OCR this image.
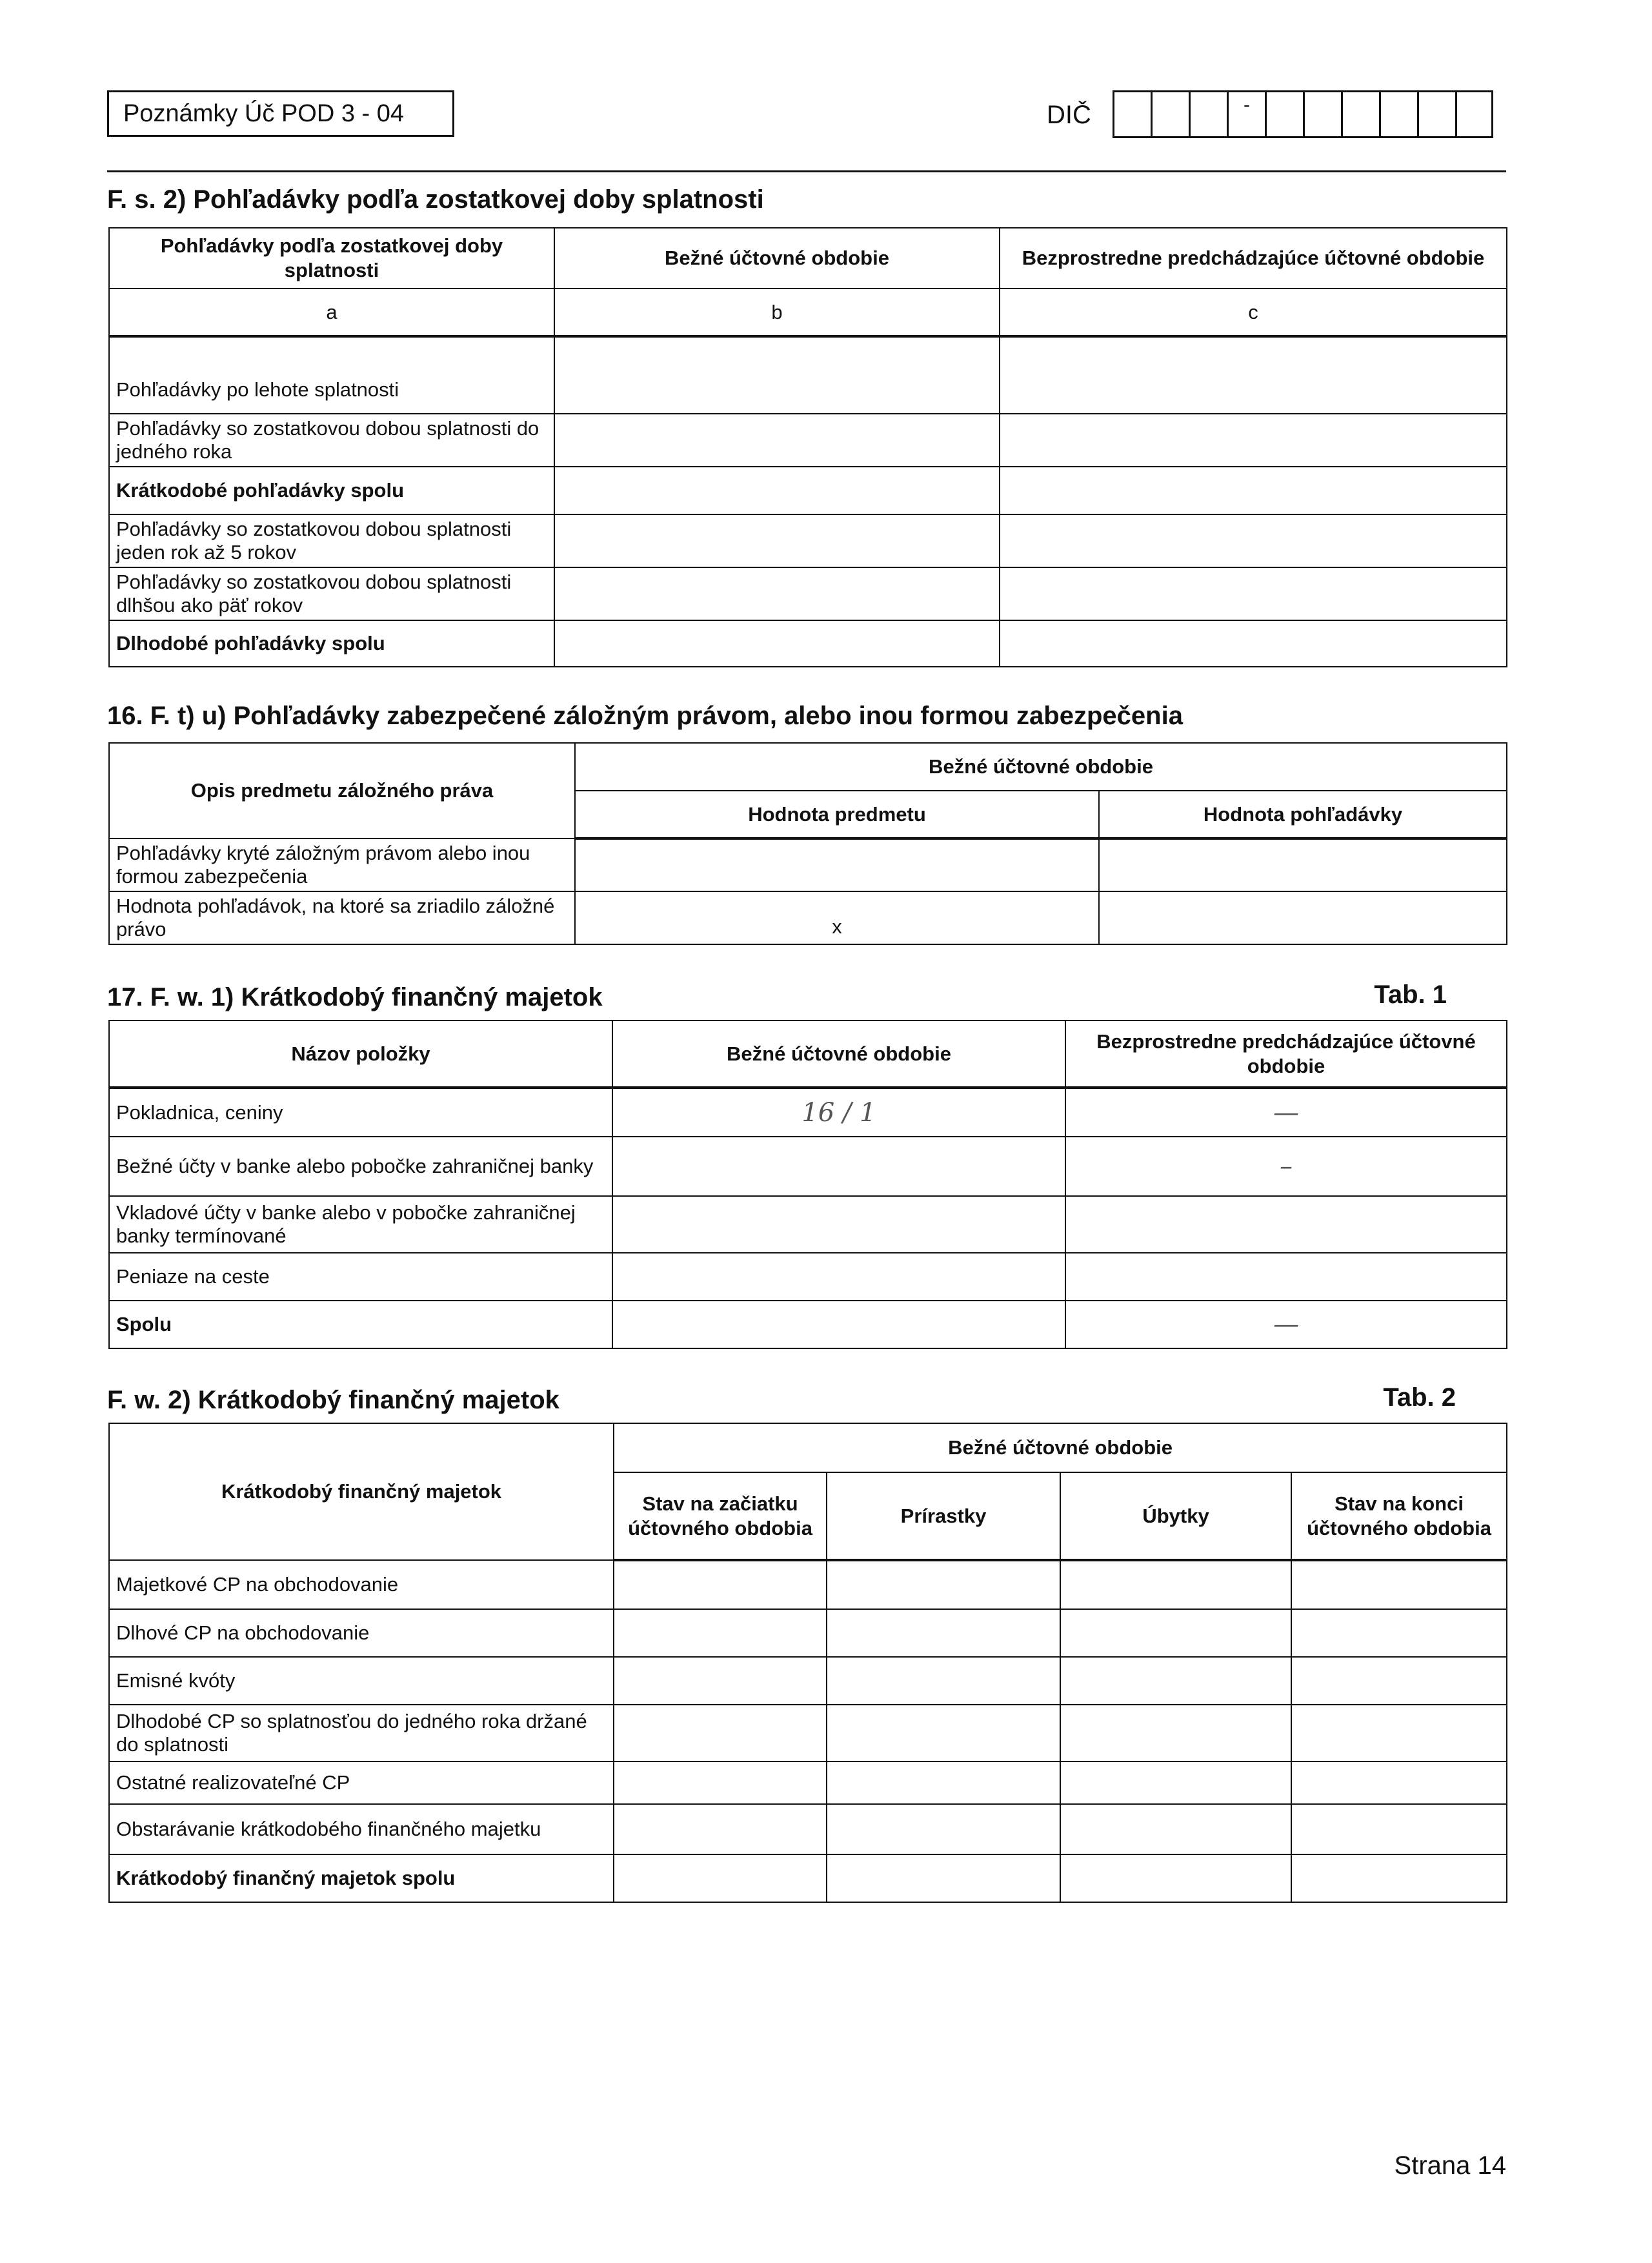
Poznámky Úč POD 3 - 04	DIČ	-
F. s. 2) Pohľadávky podľa zostatkovej doby splatnosti
Pohľadávky podľa zostatkovej doby splatnosti	Bežné účtovné obdobie	Bezprostredne predchádzajúce účtovné obdobie
a	b	c
Pohľadávky po lehote splatnosti		
Pohľadávky so zostatkovou dobou splatnosti do jedného roka		
Krátkodobé pohľadávky spolu		
Pohľadávky so zostatkovou dobou splatnosti jeden rok až 5 rokov		
Pohľadávky so zostatkovou dobou splatnosti dlhšou ako päť rokov		
Dlhodobé pohľadávky spolu		
16. F. t) u) Pohľadávky zabezpečené záložným právom, alebo inou formou zabezpečenia
Opis predmetu záložného práva	Bežné účtovné obdobie	
	Hodnota predmetu	Hodnota pohľadávky
Pohľadávky kryté záložným právom alebo inou formou zabezpečenia		
Hodnota pohľadávok, na ktoré sa zriadilo záložné právo	x	
17. F. w. 1) Krátkodobý finančný majetok	Tab. 1
Názov položky	Bežné účtovné obdobie	Bezprostredne predchádzajúce účtovné obdobie
Pokladnica, ceniny	16 / 1	—
Bežné účty v banke alebo pobočke zahraničnej banky		–
Vkladové účty v banke alebo v pobočke zahraničnej banky termínované		
Peniaze na ceste		
Spolu		—
F. w. 2) Krátkodobý finančný majetok	Tab. 2
Krátkodobý finančný majetok	Bežné účtovné obdobie			
	Stav na začiatku účtovného obdobia	Prírastky	Úbytky	Stav na konci účtovného obdobia
Majetkové CP na obchodovanie				
Dlhové CP na obchodovanie				
Emisné kvóty				
Dlhodobé CP so splatnosťou do jedného roka držané do splatnosti				
Ostatné realizovateľné CP				
Obstarávanie krátkodobého finančného majetku				
Krátkodobý finančný majetok spolu				
Strana 14
